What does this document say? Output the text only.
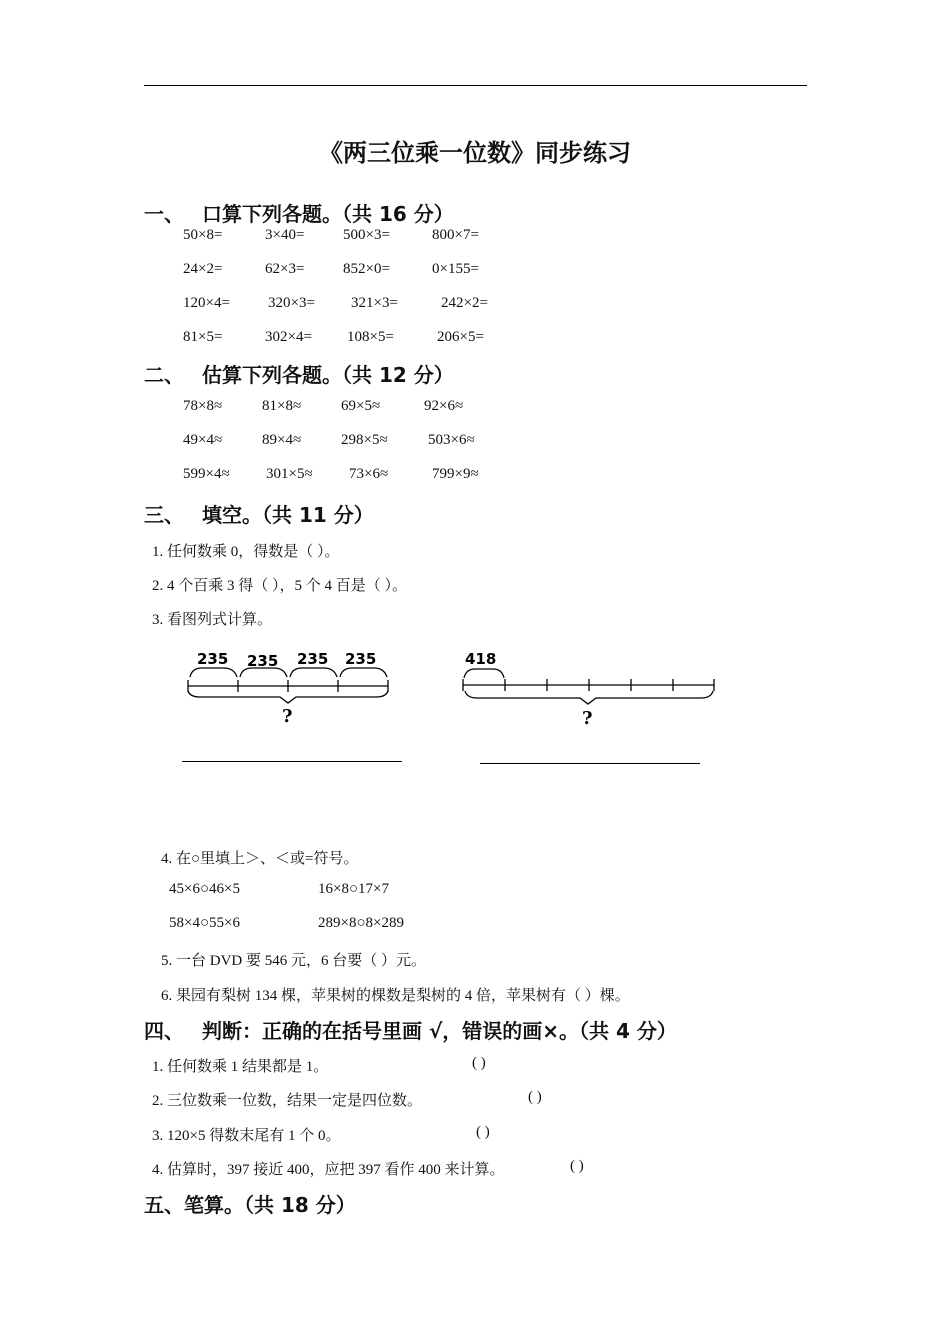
《两三位乘一位数》同步练习
一、 口算下列各题。（共 16 分）
50×8=	3×40=	500×3=	800×7=
24×2=	62×3=	852×0=	0×155=
120×4=	320×3= 321×3=	242×2=
81×5=	302×4= 108×5=	206×5=
二、 估算下列各题。（共 12 分）
78×8≈	81×8≈	69×5≈	92×6≈
49×4≈	89×4≈	298×5≈	503×6≈
599×4≈ 301×5≈ 73×6≈	799×9≈
三、 填空。（共 11 分）
1. 任何数乘 0，得数是（ ）。
2. 4 个百乘 3 得（ ），5 个 4 百是（ ）。
3. 看图列式计算。
235 235 235 235
?
418
?
4. 在○里填上＞、＜或=符号。
45×6○46×5	16×8○17×7
58×4○55×6	289×8○8×289
5. 一台 DVD 要 546 元，6 台要（ ）元。
6. 果园有梨树 134 棵，苹果树的棵数是梨树的 4 倍，苹果树有（ ）棵。
四、 判断：正确的在括号里画 √，错误的画×。（共 4 分）
1. 任何数乘 1 结果都是 1。	( )
2. 三位数乘一位数，结果一定是四位数。	( )
3. 120×5 得数末尾有 1 个 0。	( )
4. 估算时，397 接近 400，应把 397 看作 400 来计算。	( )
五、笔算。（共 18 分）
